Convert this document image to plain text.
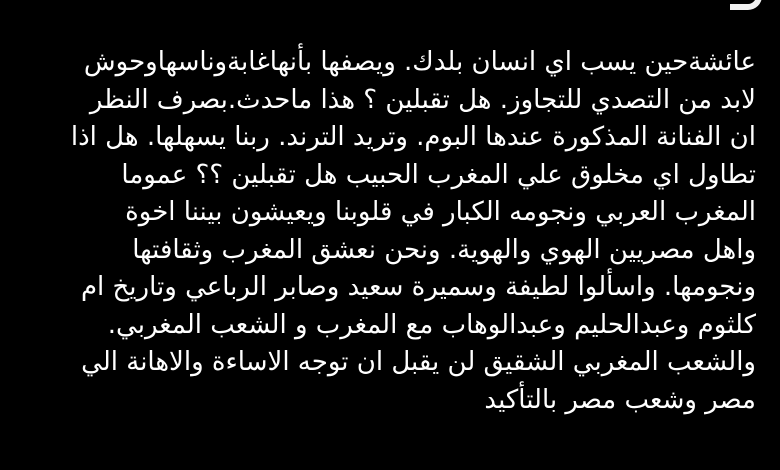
عائشةحين يسب اي انسان بلدك. ويصفها بأنهاغابةوناسهاوحوش
لابد من التصدي للتجاوز. هل تقبلين ؟ هذا ماحدث.بصرف النظر
ان الفنانة المذكورة عندها البوم. وتريد الترند. ربنا يسهلها. هل اذا
تطاول اي مخلوق علي المغرب الحبيب هل تقبلين ؟؟ عموما
المغرب العربي ونجومه الكبار في قلوبنا ويعيشون بيننا اخوة
واهل مصريين الهوي والهوية. ونحن نعشق المغرب وثقافتها
ونجومها. واسألوا لطيفة وسميرة سعيد وصابر الرباعي وتاريخ ام
كلثوم وعبدالحليم وعبدالوهاب مع المغرب و الشعب المغربي.
والشعب المغربي الشقيق لن يقبل ان توجه الاساءة والاهانة الي
مصر وشعب مصر بالتأكيد
